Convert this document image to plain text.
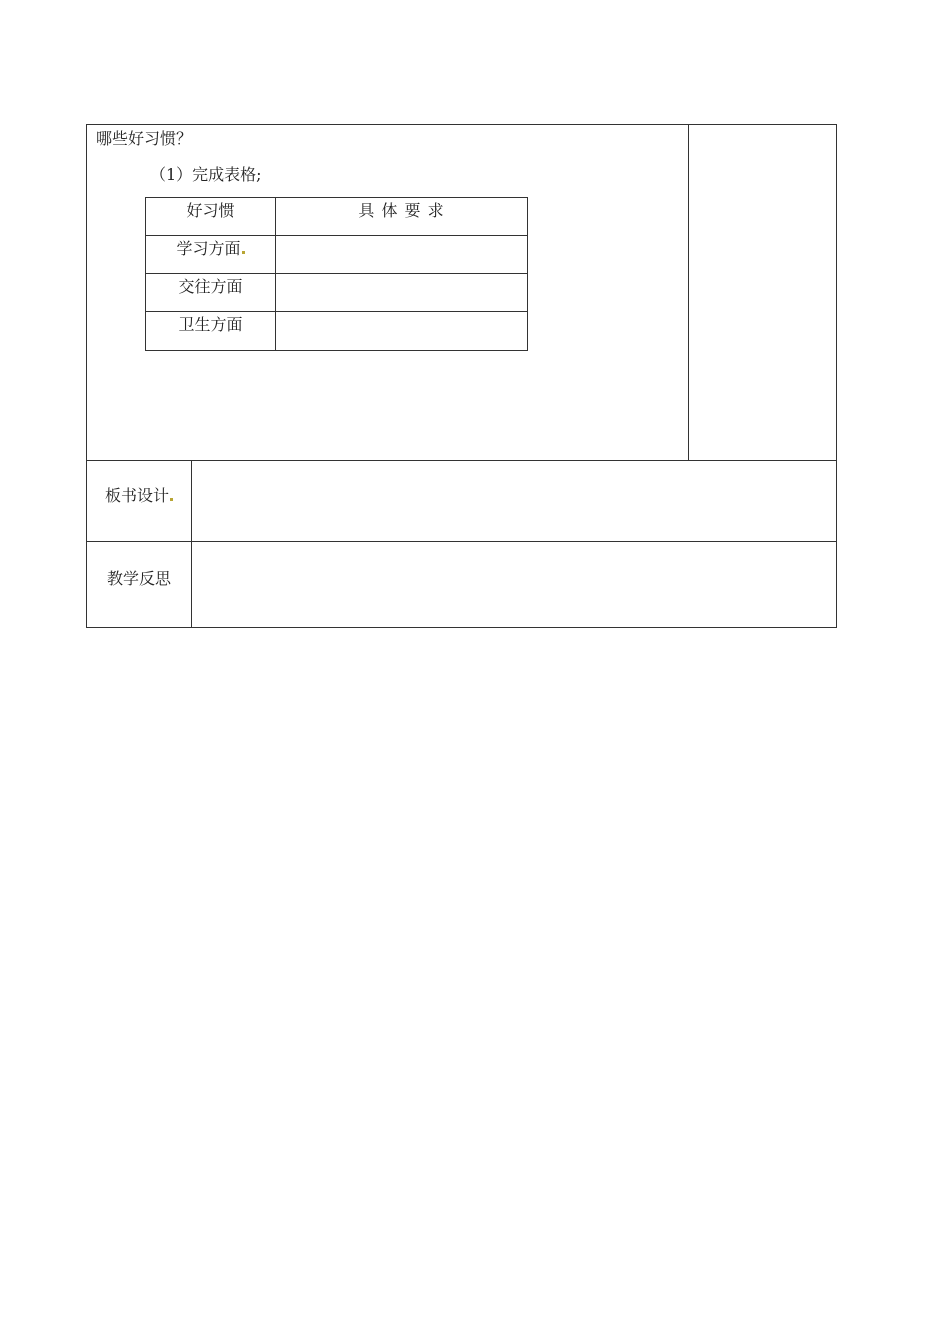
哪些好习惯？
（1）完成表格;
好习惯	具 体 要 求
学习方面
交往方面
卫生方面
板书设计
教学反思
